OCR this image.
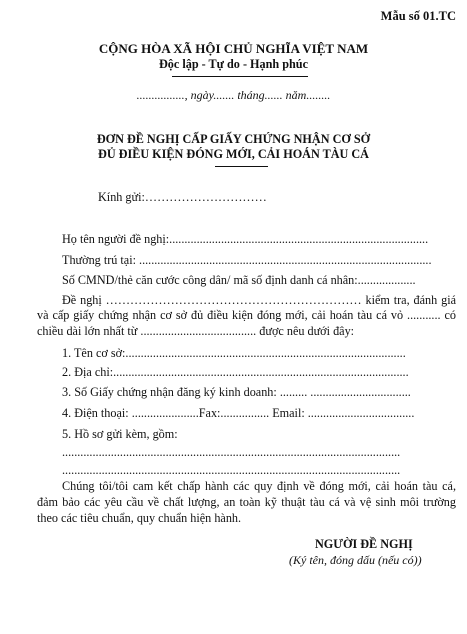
Mẫu số 01.TC
CỘNG HÒA XÃ HỘI CHỦ NGHĨA VIỆT NAM
Độc lập - Tự do - Hạnh phúc
................, ngày....... tháng...... năm........
ĐƠN ĐỀ NGHỊ CẤP GIẤY CHỨNG NHẬN CƠ SỞ
ĐỦ ĐIỀU KIỆN ĐÓNG MỚI, CẢI HOÁN TÀU CÁ
Kính gửi:…………………………
Họ tên người đề nghị:.....................................................................................
Thường trú tại: ................................................................................................
Số CMND/thẻ căn cước công dân/ mã số định danh cá nhân:...................
Đề nghị ……………………………………………………… kiểm tra, đánh giá và cấp giấy chứng nhận cơ sở đủ điều kiện đóng mới, cải hoán tàu cá vỏ ........... có chiều dài lớn nhất từ ...................................... được nêu dưới đây:
1. Tên cơ sở:............................................................................................
2. Địa chỉ:.................................................................................................
3. Số Giấy chứng nhận đăng ký kinh doanh: ......... .................................
4. Điện thoại: ......................Fax:................ Email: ...................................
5. Hồ sơ gửi kèm, gồm:
...............................................................................................................
...............................................................................................................
Chúng tôi/tôi cam kết chấp hành các quy định về đóng mới, cải hoán tàu cá, đảm bảo các yêu cầu về chất lượng, an toàn kỹ thuật tàu cá và vệ sinh môi trường theo các tiêu chuẩn, quy chuẩn hiện hành.
NGƯỜI ĐỀ NGHỊ
(Ký tên, đóng dấu (nếu có))
